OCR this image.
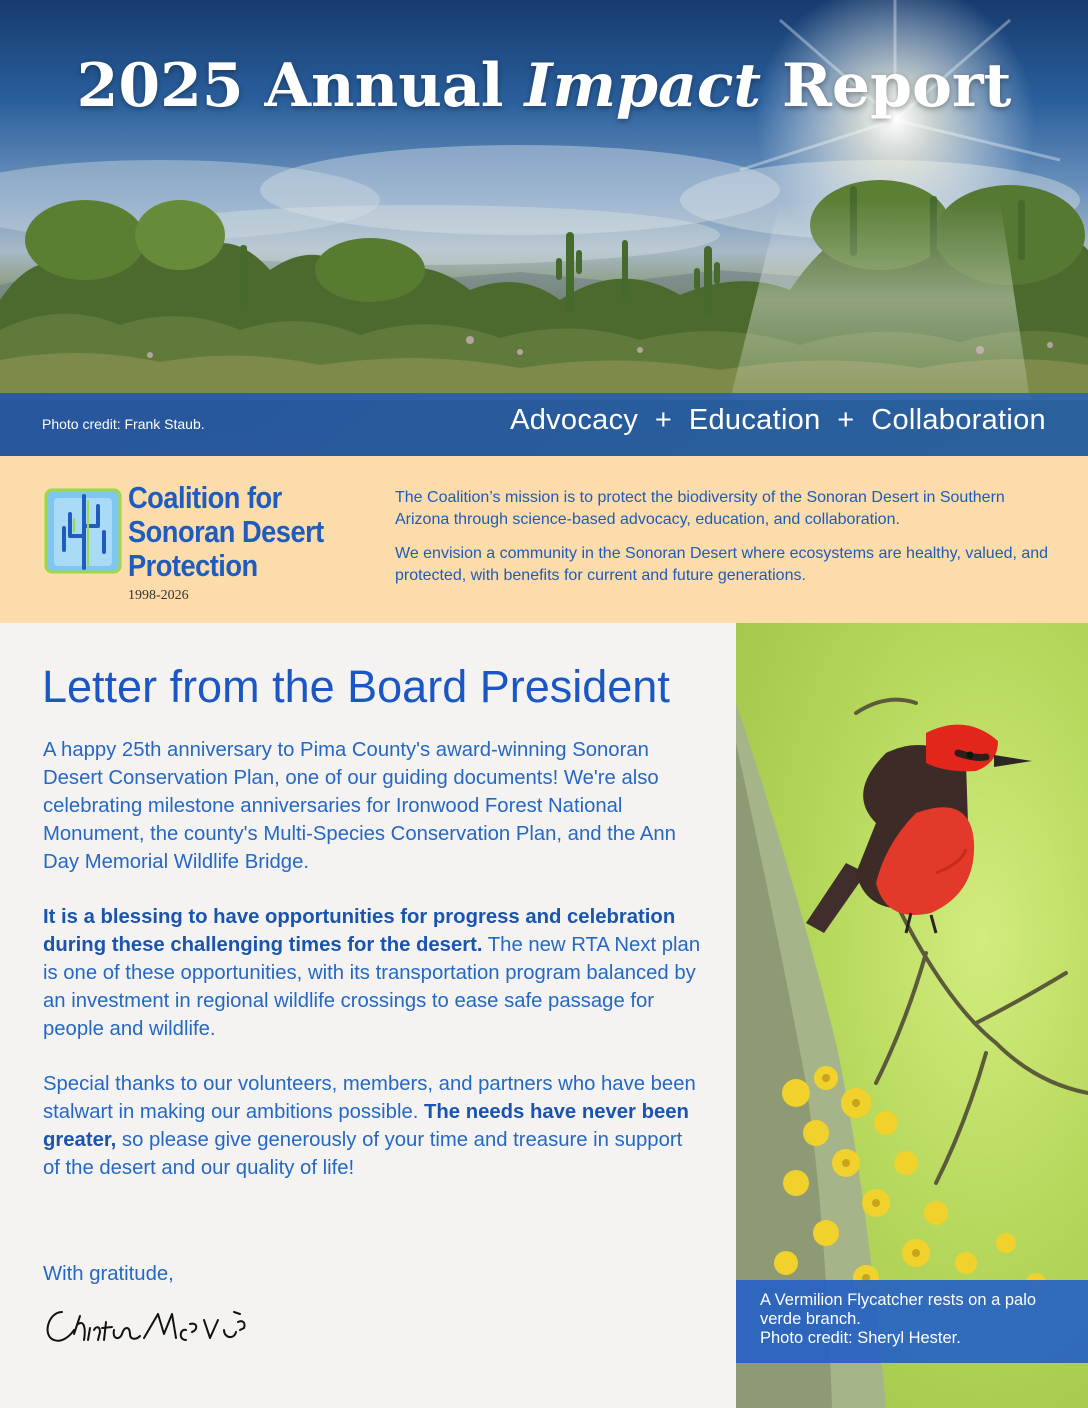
2025 Annual Impact Report
Photo credit: Frank Staub.	Advocacy  +  Education  +  Collaboration
Coalition for
Sonoran Desert
Protection
1998-2026

The Coalition’s mission is to protect the biodiversity of the Sonoran Desert in Southern Arizona through science-based advocacy, education, and collaboration.

We envision a community in the Sonoran Desert where ecosystems are healthy, valued, and protected, with benefits for current and future generations.

Letter from the Board President

A happy 25th anniversary to Pima County's award-winning Sonoran Desert Conservation Plan, one of our guiding documents! We're also celebrating milestone anniversaries for Ironwood Forest National Monument, the county's Multi-Species Conservation Plan, and the Ann Day Memorial Wildlife Bridge.

It is a blessing to have opportunities for progress and celebration during these challenging times for the desert. The new RTA Next plan is one of these opportunities, with its transportation program balanced by an investment in regional wildlife crossings to ease safe passage for people and wildlife.

Special thanks to our volunteers, members, and partners who have been stalwart in making our ambitions possible. The needs have never been greater, so please give generously of your time and treasure in support of the desert and our quality of life!

With gratitude,
A Vermilion Flycatcher rests on a palo verde branch.
Photo credit: Sheryl Hester.
